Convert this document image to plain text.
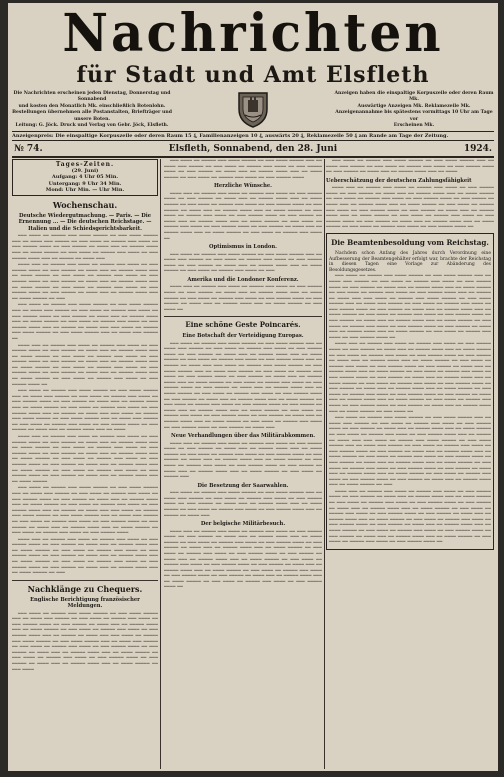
Nachrichten
für Stadt und Amt Elsfleth
Die Nachrichten erscheinen jeden Dienstag, Donnerstag und Sonnabend
und kosten den Monatlich Mk. einschließlich Botenlohn.
Bestellungen übernehmen alle Postanstalten, Briefträger und unsere Boten.
Leitung: G. Jöck. Druck und Verlag von Gebr. Jöck, Elsfleth.
Anzeigen haben die einspaltige Korpuszeile oder deren Raum Mk.
Auswärtige Anzeigen Mk. Reklamezeile Mk.
Anzeigenannahme bis spätestens vormittags 10 Uhr am Tage vor
Erscheinen Mk.
Anzeigenpreis: Die einspaltige Korpuszeile oder deren Raum 15 ₰, Familienanzeigen 10 ₰, auswärts 20 ₰, Reklamezeile 50 ₰ am Rande am Tage der Zeitung.
№ 74.	Elsfleth, Sonnabend, den 28. Juni	1924.
Tages-Zeiten.
(29. Juni)
Aufgang: 4 Uhr 05 Min.
Untergang: 9 Uhr 34 Min.
Mond: Uhr Min. — Uhr Min.
Wochenschau.
Deutsche Wiedergutmachung. — Paris. — Die Ernennung ... — Die deutschen Reichstage. — Italien und die Schiedsgerichtsbarkeit.

═══ ════ ══ ═════ ═══ ════ ═════ ══ ═══ ════ ═════ ═══ ══ ════ ═══ ═════ ══ ═══ ════ ══ ═════ ═══ ════ ══ ═══ ═════ ════ ══ ═══ ═════ ══ ════ ═══ ══ ═════ ════ ═══ ══ ════ ═════ ══ ═══ ════ ══ ═════ ═══ ════ ══ ═══ ═════ ════ ═══ ══ ═════ ══ ════ ═══

════ ═══ ══ ═════ ═══ ════ ══ ═════ ═══ ════ ══ ═══ ═════ ════ ══ ═══ ═════ ══ ════ ═══ ══ ═════ ════ ═══ ══ ════ ═════ ══ ═══ ════ ══ ═════ ═══ ════ ══ ═══ ═════ ════ ══ ═══ ═════ ══ ════ ═══ ══ ═════ ════ ═══ ══ ════ ═════ ══ ═══ ════ ══ ═════ ═══ ════ ══ ═══ ═════ ════ ══ ═══ ═════ ══ ════ ═══ ══ ═════ ════ ═══ ══ ════ ═════ ══ ═══

═══ ════ ══ ═════ ═══ ════ ═════ ══ ═══ ════ ═════ ═══ ══ ════ ═══ ═════ ══ ═══ ════ ══ ═════ ═══ ════ ══ ═══ ═════ ════ ══ ═══ ═════ ══ ════ ═══ ══ ═════ ════ ═══ ══ ════ ═════ ══ ═══ ════ ══ ═════ ═══ ════ ══ ═══ ═════ ════ ═══ ══ ═════ ══ ════ ═══ ═══ ════ ══ ═════ ═══ ════ ═════ ══ ═══ ════ ═════ ═══ ══ ════ ═══ ═════ ══

════ ═══ ══ ═════ ═══ ════ ══ ═════ ═══ ════ ══ ═══ ═════ ════ ══ ═══ ═════ ══ ════ ═══ ══ ═════ ════ ═══ ══ ════ ═════ ══ ═══ ════ ══ ═════ ═══ ════ ══ ═══ ═════ ════ ══ ═══ ═════ ══ ════ ═══ ══ ═════ ════ ═══ ══ ════ ═════ ══ ═══ ════ ══ ═════ ═══ ════ ══ ═══ ═════ ════ ══ ═══ ═════ ══ ════ ═══ ══ ═════ ════ ═══ ══ ════ ═════ ══ ═══ ════ ══ ═════ ═══ ════ ══ ═══ ═════ ════ ══

═══ ════ ══ ═════ ═══ ════ ═════ ══ ═══ ════ ═════ ═══ ══ ════ ═══ ═════ ══ ═══ ════ ══ ═════ ═══ ════ ══ ═══ ═════ ════ ══ ═══ ═════ ══ ════ ═══ ══ ═════ ════ ═══ ══ ════ ═════ ══ ═══ ════ ══ ═════ ═══ ════ ══ ═══ ═════ ════ ═══ ══ ═════ ══ ════ ═══ ═══ ════ ══ ═════ ═══ ════ ═════ ══ ═══ ════ ═════ ═══ ══ ════ ═══ ═════ ══ ═══ ════ ══ ═════ ═══ ════ ══ ═══ ═════ ════ ══ ═══ ═════ ══ ════ ═══ ══ ═════ ════ ═══ ══ ════

════ ═══ ══ ═════ ═══ ════ ══ ═════ ═══ ════ ══ ═══ ═════ ════ ══ ═══ ═════ ══ ════ ═══ ══ ═════ ════ ═══ ══ ════ ═════ ══ ═══ ════ ══ ═════ ═══ ════ ══ ═══ ═════ ════ ══ ═══ ═════ ══ ════ ═══ ══ ═════ ════ ═══ ══ ════ ═════ ══ ═══ ════ ══ ═════ ═══ ════ ══ ═══ ═════ ════ ══ ═══ ═════ ══ ════ ═══ ══ ═════ ════ ═══ ══ ════ ═════ ══ ═══ ════ ══ ═════ ═══ ════ ══ ═══ ═════ ════ ══ ═══ ═════ ══ ════ ═══ ══ ═════ ════ ═══ ══ ════ ═════

═══ ════ ══ ═════ ═══ ════ ═════ ══ ═══ ════ ═════ ═══ ══ ════ ═══ ═════ ══ ═══ ════ ══ ═════ ═══ ════ ══ ═══ ═════ ════ ══ ═══ ═════ ══ ════ ═══ ══ ═════ ════ ═══ ══ ════ ═════ ══ ═══ ════ ══ ═════ ═══ ════ ══ ═══ ═════ ════ ═══ ══ ═════ ══ ════ ═══ ═══ ════ ══ ═════ ═══ ════ ═════ ══ ═══ ════ ═════ ═══ ══ ════ ═══ ═════ ══ ═══ ════ ══ ═════ ═══ ════ ══ ═══ ═════ ════ ══ ═══ ═════ ══ ════ ═══ ══ ═════ ════ ═══ ══ ════ ═════ ══ ═══ ════ ══ ═════ ═══ ════ ══ ═══ ═════ ════

════ ═══ ══ ═════ ═══ ════ ══ ═════ ═══ ════ ══ ═══ ═════ ════ ══ ═══ ═════ ══ ════ ═══ ══ ═════ ════ ═══ ══ ════ ═════ ══ ═══ ════ ══ ═════ ═══ ════ ══ ═══ ═════ ════ ══ ═══ ═════ ══ ════ ═══ ══ ═════ ════ ═══ ══ ════ ═════ ══ ═══ ════ ══ ═════ ═══ ════ ══ ═══ ═════ ════ ══ ═══ ═════ ══ ════ ═══ ══ ═════ ════ ═══ ══ ════ ═════ ══ ═══

Nachklänge zu Chequers.
Englische Berichtigung französischer Meldungen.

═══ ════ ══ ═════ ═══ ════ ═════ ══ ═══ ════ ═════ ═══ ══ ════ ═══ ═════ ══ ═══ ════ ══ ═════ ═══ ════ ══ ═══ ═════ ════ ══ ═══ ═════ ══ ════ ═══ ══ ═════ ════ ═══ ══ ════ ═════ ══ ═══ ════ ══ ═════ ═══ ════ ══ ═══ ═════ ════ ═══ ══ ═════ ══ ════ ═══ ═══ ════ ══ ═════ ═══ ════ ═════ ══ ═══ ════ ═════ ═══ ══ ════ ═══ ═════ ══ ═══ ════ ══ ═════ ═══ ════ ══ ═══ ═════ ════ ══ ═══ ═════ ══ ════ ═══ ══ ═════ ════ ═══ ══ ════ ═════ ══ ═══ ════ ══ ═════ ═══ ════ ══ ═══ ═════ ════ ══ ═══ ═════ ══ ════ ═══ ══ ═════ ════ ═══ ══ ════ ═════ ══ ═══ ════

═══ ════ ══ ═════ ═══ ════ ═════ ══ ═══ ════ ═════ ═══ ══ ════ ═══ ═════ ══ ═══ ════ ══ ═════ ═══ ════ ══ ═══ ═════ ════ ══ ═══ ═════ ══ ════ ═══ ══ ═════ ════ ═══ ══ ════ ═════ ══ ═══ ════ ══ ═════ ═══ ════ ══ ═══ ═════ ════

Herzliche Wünsche.

════ ═══ ══ ═════ ═══ ════ ══ ═════ ═══ ════ ══ ═══ ═════ ════ ══ ═══ ═════ ══ ════ ═══ ══ ═════ ════ ═══ ══ ════ ═════ ══ ═══ ════ ══ ═════ ═══ ════ ══ ═══ ═════ ════ ══ ═══ ═════ ══ ════ ═══ ══ ═════ ════ ═══ ══ ════ ═════ ══ ═══ ════ ══ ═════ ═══ ════ ══ ═══ ═════ ════ ══ ═══ ═════ ══ ════ ═══ ══ ═════ ════ ═══ ══ ════ ═════ ══ ═══ ════ ══ ═════ ═══ ════ ══ ═══ ═════ ════ ══ ═══ ═════ ══ ════ ═══ ══ ═════ ════ ═══ ══ ════ ═════ ══ ═══ ════ ══ ═════ ═══ ════ ══

Optimismus in London.

═══ ════ ══ ═════ ═══ ════ ═════ ══ ═══ ════ ═════ ═══ ══ ════ ═══ ═════ ══ ═══ ════ ══ ═════ ═══ ════ ══ ═══ ═════ ════ ══ ═══ ═════ ══ ════ ═══ ══ ═════ ════ ═══ ══ ════ ═════ ══ ═══ ════ ══ ═════ ═══ ════ ══ ═══

Amerika und die Londoner Konferenz.

════ ═══ ══ ═════ ═══ ════ ══ ═════ ═══ ════ ══ ═══ ═════ ════ ══ ═══ ═════ ══ ════ ═══ ══ ═════ ════ ═══ ══ ════ ═════ ══ ═══ ════ ══ ═════ ═══ ════ ══ ═══ ═════ ════ ══ ═══ ═════ ══ ════ ═══ ══ ═════ ════ ═══ ══ ════ ═════ ══ ═══ ════ ══

Eine schöne Geste Poincarés.
Eine Botschaft der Verteidigung Europas.

═══ ════ ══ ═════ ═══ ════ ═════ ══ ═══ ════ ═════ ═══ ══ ════ ═══ ═════ ══ ═══ ════ ══ ═════ ═══ ════ ══ ═══ ═════ ════ ══ ═══ ═════ ══ ════ ═══ ══ ═════ ════ ═══ ══ ════ ═════ ══ ═══ ════ ══ ═════ ═══ ════ ══ ═══ ═════ ════ ═══ ══ ═════ ══ ════ ═══ ═══ ════ ══ ═════ ═══ ════ ═════ ══ ═══ ════ ═════ ═══ ══ ════ ═══ ═════ ══ ═══ ════ ══ ═════ ═══ ════ ══ ═══ ═════ ════ ══ ═══ ═════ ══ ════ ═══ ══ ═════ ════ ═══ ══ ════ ═════ ══ ═══ ════ ══ ═════ ═══ ════ ══ ═══ ═════ ════ ══ ═══ ═════ ══ ════ ═══ ══ ═════ ════ ═══ ══ ════ ═════ ══ ═══ ════ ══ ═════ ═══ ════ ══ ═══ ═════ ════ ══ ═══ ═════ ══ ════ ═══ ══ ═════ ════ ═══ ══ ════ ═════ ══ ═══ ════ ══ ═════ ═══ ════ ══ ═══ ═════ ════ ══ ═══ ═════ ══ ════ ═══ ══ ═════ ════ ═══ ══ ════ ═════ ══ ═══ ════ ══ ═════ ═══ ════ ══ ═══ ═════ ════ ══ ═══ ═════ ══ ════ ═══ ══ ═════ ════ ═══ ══ ════ ═════ ══ ═══ ════ ══ ═════ ═══ ════ ══ ═══ ═════ ════ ══ ═══ ═════ ══ ════ ═══

Neue Verhandlungen über das Militärabkommen.

════ ═══ ══ ═════ ═══ ════ ══ ═════ ═══ ════ ══ ═══ ═════ ════ ══ ═══ ═════ ══ ════ ═══ ══ ═════ ════ ═══ ══ ════ ═════ ══ ═══ ════ ══ ═════ ═══ ════ ══ ═══ ═════ ════ ══ ═══ ═════ ══ ════ ═══ ══ ═════ ════ ═══ ══ ════ ═════ ══ ═══ ════ ══ ═════ ═══ ════ ══ ═══ ═════ ════ ══ ═══ ═════ ══ ════ ═══ ══ ═════ ════ ═══ ══ ════ ═════ ══ ═══ ════ ══ ═════ ═══

Die Besetzung der Saarwahlen.

═══ ════ ══ ═════ ═══ ════ ═════ ══ ═══ ════ ═════ ═══ ══ ════ ═══ ═════ ══ ═══ ════ ══ ═════ ═══ ════ ══ ═══ ═════ ════ ══ ═══ ═════ ══ ════ ═══ ══ ═════ ════ ═══ ══ ════ ═════ ══ ═══ ════ ══ ═════ ═══ ════ ══ ═══ ═════ ════ ═══ ══ ═════ ══ ════ ═══

Der belgische Militärbesuch.

════ ═══ ══ ═════ ═══ ════ ══ ═════ ═══ ════ ══ ═══ ═════ ════ ══ ═══ ═════ ══ ════ ═══ ══ ═════ ════ ═══ ══ ════ ═════ ══ ═══ ════ ══ ═════ ═══ ════ ══ ═══ ═════ ════ ══ ═══ ═════ ══ ════ ═══ ══ ═════ ════ ═══ ══ ════ ═════ ══ ═══ ════ ══ ═════ ═══ ════ ══ ═══ ═════ ════ ══ ═══ ═════ ══ ════ ═══ ══ ═════ ════ ═══ ══ ════ ═════ ══ ═══ ════ ══ ═════ ═══ ════ ══ ═══ ═════ ════ ══ ═══ ═════ ══ ════ ═══ ══ ═════ ════ ═══ ══ ════ ═════ ══ ═══ ════ ══ ═════ ═══ ════ ══ ═══ ═════ ════ ══ ═══ ═════ ══ ════ ═══ ══ ═════ ════ ═══ ══ ════ ═════ ══ ═══ ════ ══ ═════ ═══ ════ ══ ═══ ═════ ════ ══

═══ ════ ══ ═════ ═══ ════ ═════ ══ ═══ ════ ═════ ═══ ══ ════ ═══ ═════ ══ ═══ ════ ══ ═════ ═══ ════ ══ ═══ ═════ ════ ══ ═══ ═════ ══ ════ ═══ ══ ═════ ════ ═══ ══ ════

Ueberschätzung der deutschen Zahlungsfähigkeit

════ ═══ ══ ═════ ═══ ════ ══ ═════ ═══ ════ ══ ═══ ═════ ════ ══ ═══ ═════ ══ ════ ═══ ══ ═════ ════ ═══ ══ ════ ═════ ══ ═══ ════ ══ ═════ ═══ ════ ══ ═══ ═════ ════ ══ ═══ ═════ ══ ════ ═══ ══ ═════ ════ ═══ ══ ════ ═════ ══ ═══ ════ ══ ═════ ═══ ════ ══ ═══ ═════ ════ ══ ═══ ═════ ══ ════ ═══ ══ ═════ ════ ═══ ══ ════ ═════ ══ ═══ ════ ══ ═════ ═══ ════ ══ ═══ ═════ ════ ══ ═══ ═════ ══ ════ ═══ ══ ═════ ════ ═══ ══ ════ ═════ ══ ═══ ════ ══ ═════ ═══ ════ ══ ═══ ═════ ════ ══

Die Beamtenbesoldung vom Reichstag.

Nachdem schon Anfang des Jahres durch Verordnung eine Aufbesserung der Beamtengehälter erfolgt war, brachte der Reichstag in diesen Tagen eine Vorlage zur Abänderung des Besoldungsgesetzes.

═══ ════ ══ ═════ ═══ ════ ═════ ══ ═══ ════ ═════ ═══ ══ ════ ═══ ═════ ══ ═══ ════ ══ ═════ ═══ ════ ══ ═══ ═════ ════ ══ ═══ ═════ ══ ════ ═══ ══ ═════ ════ ═══ ══ ════ ═════ ══ ═══ ════ ══ ═════ ═══ ════ ══ ═══ ═════ ════ ═══ ══ ═════ ══ ════ ═══ ═══ ════ ══ ═════ ═══ ════ ═════ ══ ═══ ════ ═════ ═══ ══ ════ ═══ ═════ ══ ═══ ════ ══ ═════ ═══ ════ ══ ═══ ═════ ════ ══ ═══ ═════ ══ ════ ═══ ══ ═════ ════ ═══ ══ ════ ═════ ══ ═══ ════ ══ ═════ ═══ ════ ══ ═══ ═════ ════ ══ ═══ ═════ ══ ════ ═══ ══ ═════ ════ ═══ ══ ════ ═════ ══ ═══ ════ ══ ═════ ═══ ════ ══ ═══ ═════ ════ ══ ═══ ═════ ══ ════ ═══ ══ ═════ ════ ═══ ══ ════ ═════ ══ ═══ ════ ══ ═════ ═══ ════ ══ ═══ ═════ ════ ══

════ ═══ ══ ═════ ═══ ════ ══ ═════ ═══ ════ ══ ═══ ═════ ════ ══ ═══ ═════ ══ ════ ═══ ══ ═════ ════ ═══ ══ ════ ═════ ══ ═══ ════ ══ ═════ ═══ ════ ══ ═══ ═════ ════ ══ ═══ ═════ ══ ════ ═══ ══ ═════ ════ ═══ ══ ════ ═════ ══ ═══ ════ ══ ═════ ═══ ════ ══ ═══ ═════ ════ ══ ═══ ═════ ══ ════ ═══ ══ ═════ ════ ═══ ══ ════ ═════ ══ ═══ ════ ══ ═════ ═══ ════ ══ ═══ ═════ ════ ══ ═══ ═════ ══ ════ ═══ ══ ═════ ════ ═══ ══ ════ ═════ ══ ═══ ════ ══ ═════ ═══ ════ ══ ═══ ═════ ════ ══ ═══ ═════ ══ ════ ═══ ══ ═════ ════ ═══ ══ ════ ═════ ══ ═══ ════ ══ ═════ ═══ ════ ══ ═══ ═════ ════ ══ ═══ ═════ ══ ════ ═══ ══ ═════ ════ ═══ ══ ════ ═════ ══ ═══ ════ ══ ═════ ═══ ════ ══ ═══ ═════ ════ ══ ═══ ═════ ══ ════ ═══ ══ ═════ ════ ═══ ══ ════ ═════ ══ ═══ ════ ══

═══ ════ ══ ═════ ═══ ════ ═════ ══ ═══ ════ ═════ ═══ ══ ════ ═══ ═════ ══ ═══ ════ ══ ═════ ═══ ════ ══ ═══ ═════ ════ ══ ═══ ═════ ══ ════ ═══ ══ ═════ ════ ═══ ══ ════ ═════ ══ ═══ ════ ══ ═════ ═══ ════ ══ ═══ ═════ ════ ═══ ══ ═════ ══ ════ ═══ ═══ ════ ══ ═════ ═══ ════ ═════ ══ ═══ ════ ═════ ═══ ══ ════ ═══ ═════ ══ ═══ ════ ══ ═════ ═══ ════ ══ ═══ ═════ ════ ══ ═══ ═════ ══ ════ ═══ ══ ═════ ════ ═══ ══ ════ ═════ ══ ═══ ════ ══ ═════ ═══ ════ ══ ═══ ═════ ════ ══ ═══ ═════ ══ ════ ═══ ══ ═════ ════ ═══ ══ ════ ═════ ══ ═══ ════ ══ ═════ ═══ ════ ══ ═══ ═════ ════ ══ ═══ ═════ ══ ════ ═══ ══ ═════ ════ ═══ ══ ════ ═════ ══ ═══ ════ ══ ═════ ═══ ════ ══ ═══ ═════ ════ ══ ═══ ═════ ══ ════ ═══ ══ ═════ ════ ═══ ══ ════ ═════ ══ ═══

════ ═══ ══ ═════ ═══ ════ ══ ═════ ═══ ════ ══ ═══ ═════ ════ ══ ═══ ═════ ══ ════ ═══ ══ ═════ ════ ═══ ══ ════ ═════ ══ ═══ ════ ══ ═════ ═══ ════ ══ ═══ ═════ ════ ══ ═══ ═════ ══ ════ ═══ ══ ═════ ════ ═══ ══ ════ ═════ ══ ═══ ════ ══ ═════ ═══ ════ ══ ═══ ═════ ════ ══ ═══ ═════ ══ ════ ═══ ══ ═════ ════ ═══ ══ ════ ═════ ══ ═══ ════ ══ ═════ ═══ ════ ══ ═══ ═════ ════ ══ ═══ ═════ ══ ════ ═══ ══ ═════ ════ ═══ ══ ════ ═════ ══ ═══ ════ ══ ═════ ═══ ════ ══ ═══ ═════ ════ ══ ═══ ═════ ══ ════ ═══ ══ ═════ ════ ═══ ══ ════ ═════ ══ ═══ ════ ══ ═════ ═══ ════ ══ ═══ ═════ ════ ══
